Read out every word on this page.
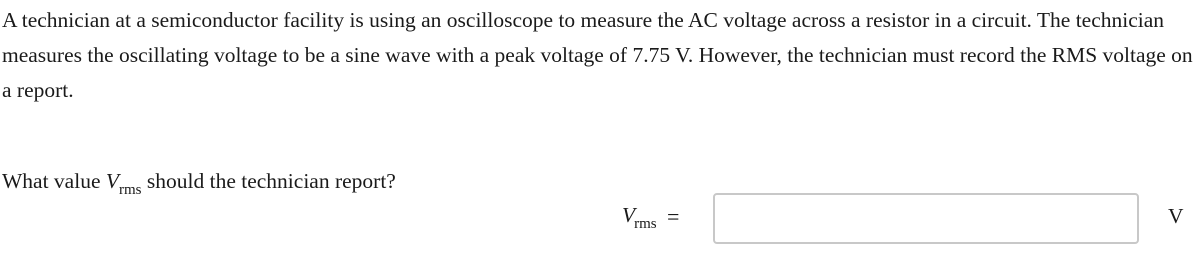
A technician at a semiconductor facility is using an oscilloscope to measure the AC voltage across a resistor in a circuit. The technician measures the oscillating voltage to be a sine wave with a peak voltage of 7.75 V. However, the technician must record the RMS voltage on a report.

What value $V_{rms}$ should the technician report?

$V_{rms}$ =	V
